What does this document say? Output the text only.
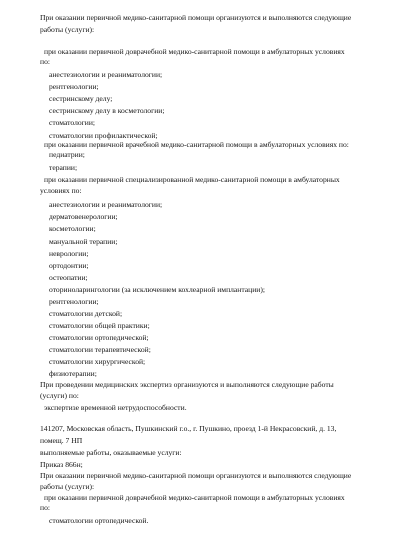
При оказании первичной медико-санитарной помощи организуются и выполняются следующие
работы (услуги):
при оказании первичной доврачебной медико-санитарной помощи в амбулаторных условиях
по:
анестезиологии и реаниматологии;
рентгенологии;
сестринскому делу;
сестринскому делу в косметологии;
стоматологии;
стоматологии профилактической;
при оказании первичной врачебной медико-санитарной помощи в амбулаторных условиях по:
педиатрии;
терапии;
при оказании первичной специализированной медико-санитарной помощи в амбулаторных
условиях по:
анестезиологии и реаниматологии;
дерматовенерологии;
косметологии;
мануальной терапии;
неврологии;
ортодонтии;
остеопатии;
оториноларингологии (за исключением кохлеарной имплантации);
рентгенологии;
стоматологии детской;
стоматологии общей практики;
стоматологии ортопедической;
стоматологии терапевтической;
стоматологии хирургической;
физиотерапии;
При проведении медицинских экспертиз организуются и выполняются следующие работы
(услуги) по:
экспертизе временной нетрудоспособности.
141207, Московская область, Пушкинский г.о., г. Пушкино, проезд 1-й Некрасовский, д. 13,
помещ. 7 НП
выполняемые работы, оказываемые услуги:
Приказ 866н;
При оказании первичной медико-санитарной помощи организуются и выполняются следующие
работы (услуги):
при оказании первичной доврачебной медико-санитарной помощи в амбулаторных условиях
по:
стоматологии ортопедической.
